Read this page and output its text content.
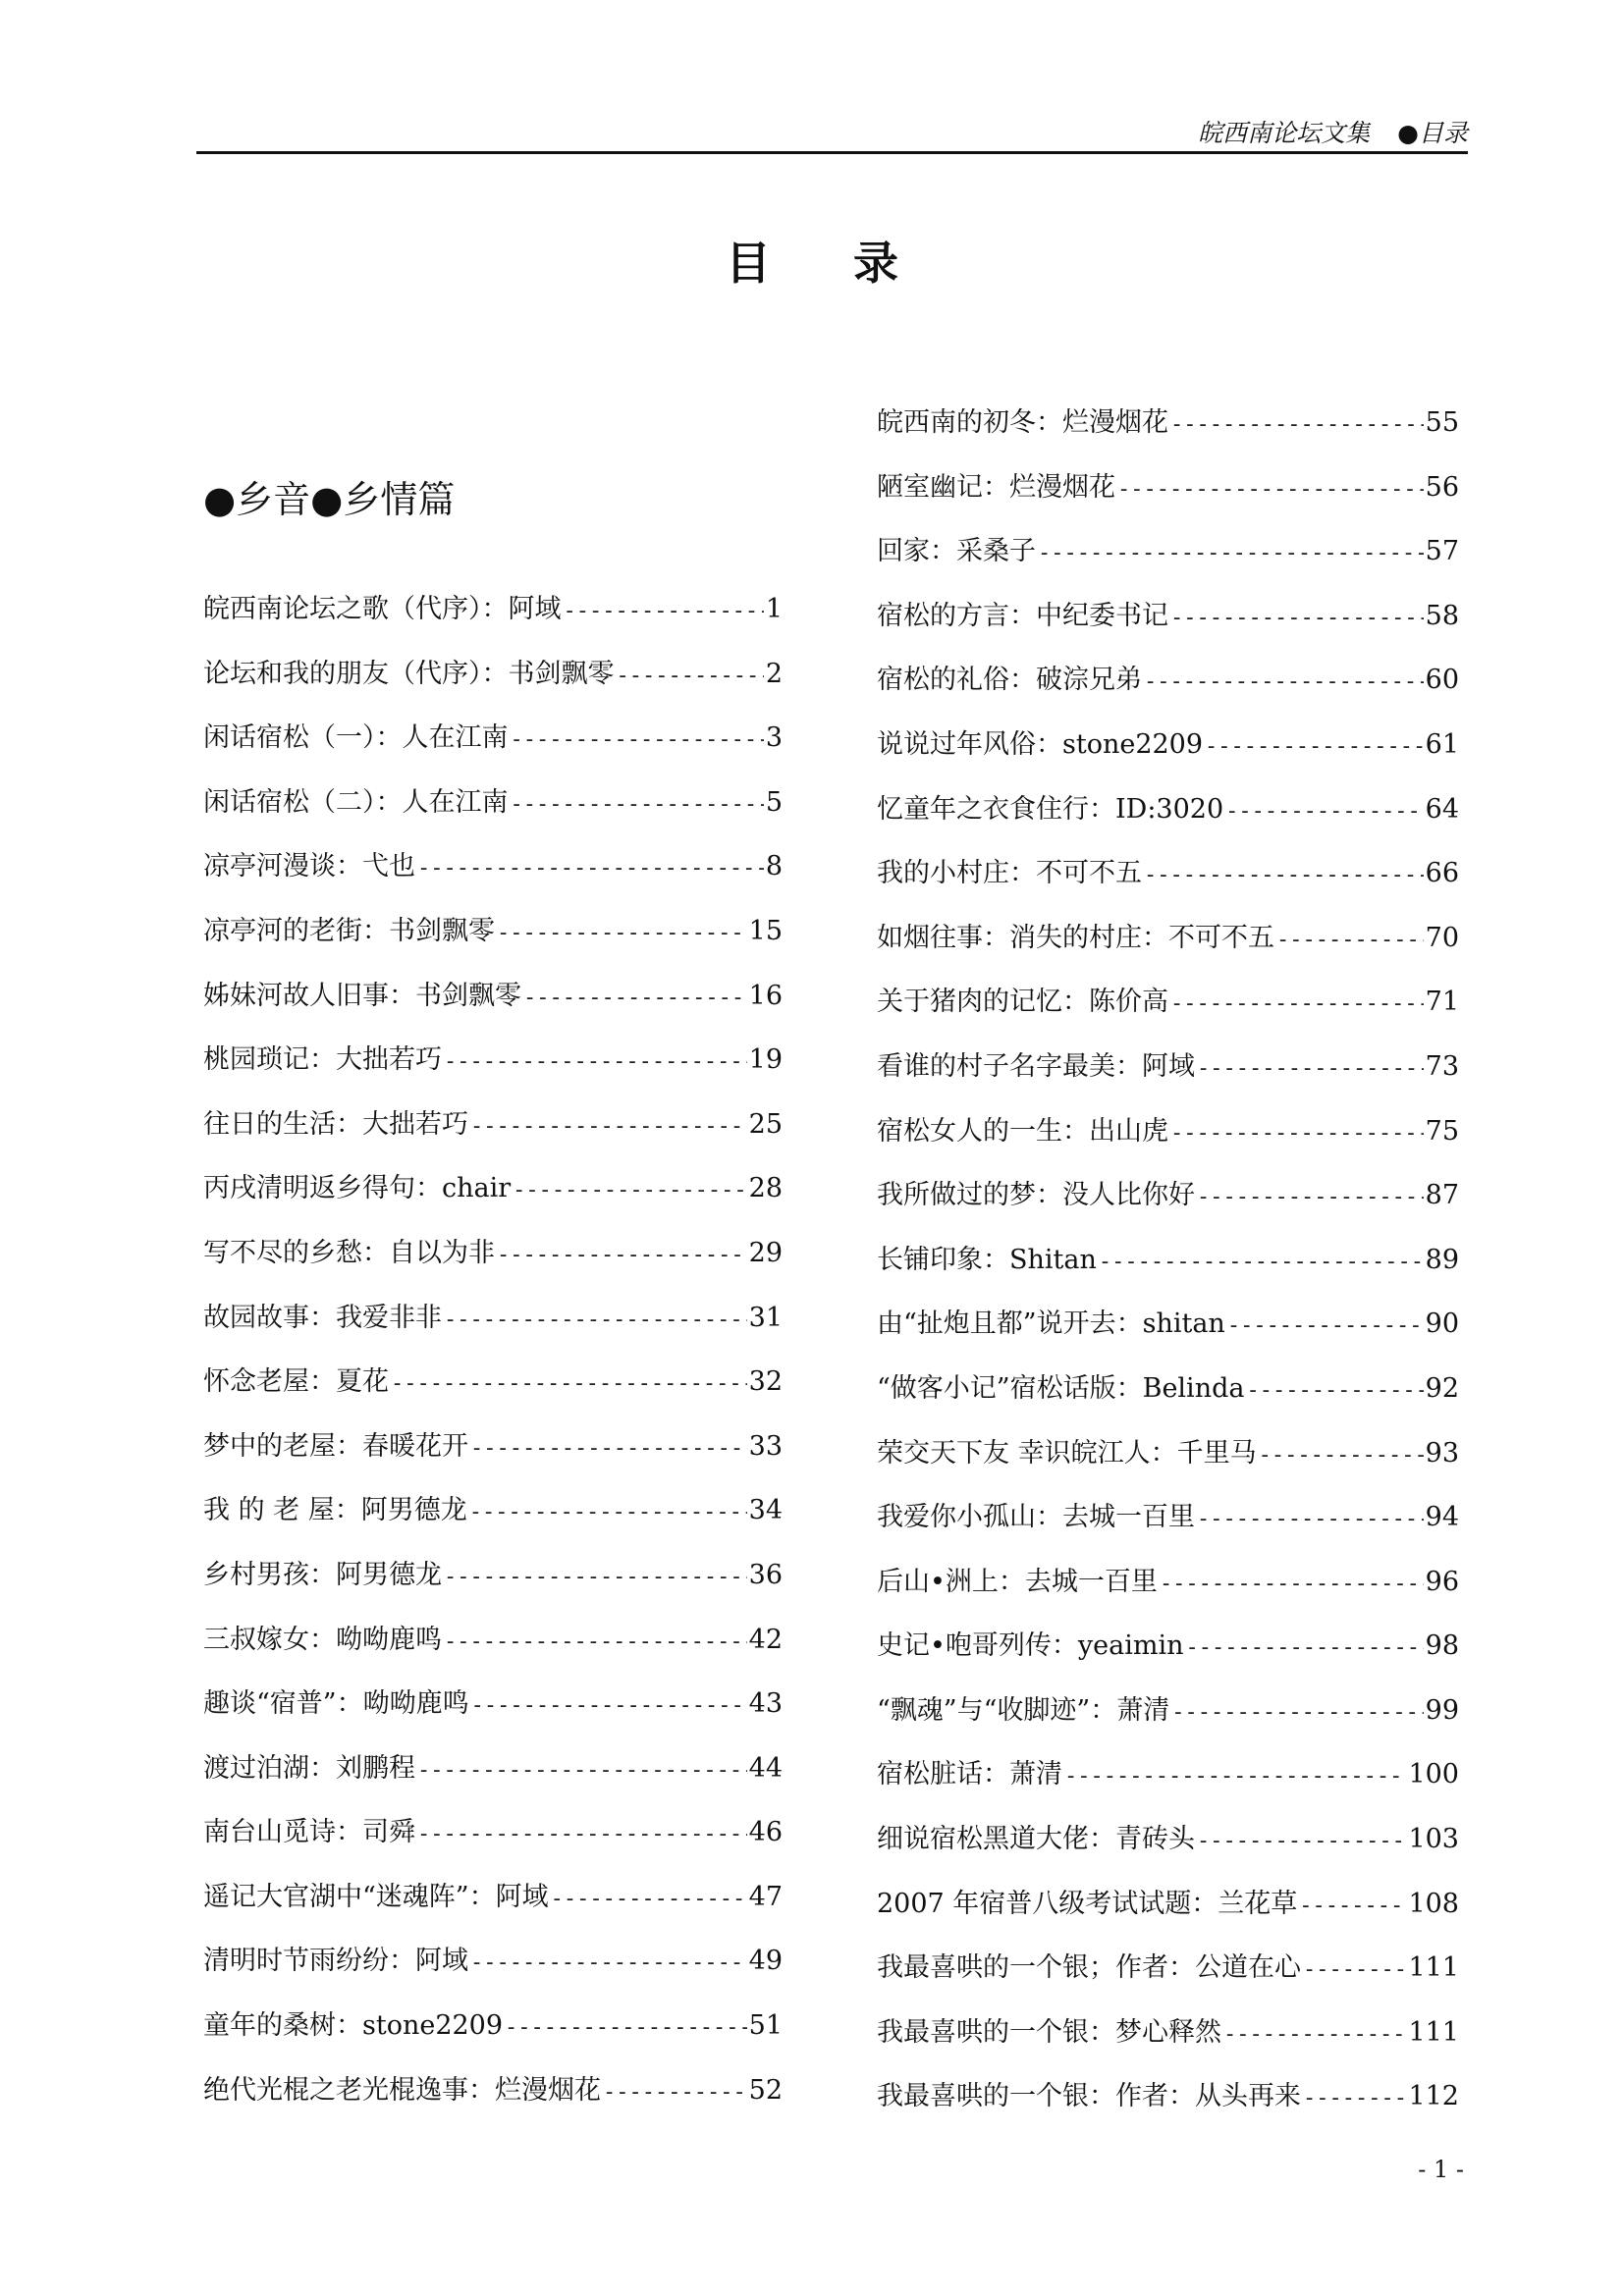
皖西南论坛文集 ●目录
目 录
●乡音●乡情篇
皖西南论坛之歌（代序）：阿域 -----	1
论坛和我的朋友（代序）：书剑飘零 -----	2
闲话宿松（一）：人在江南 -----	3
闲话宿松（二）：人在江南 -----	5
凉亭河漫谈：弋也 -----	8
凉亭河的老街：书剑飘零 -----	15
姊妹河故人旧事：书剑飘零 -----	16
桃园琐记：大拙若巧 -----	19
往日的生活：大拙若巧 -----	25
丙戌清明返乡得句：chair -----	28
写不尽的乡愁：自以为非 -----	29
故园故事：我爱非非 -----	31
怀念老屋：夏花 -----	32
梦中的老屋：春暖花开 -----	33
我 的 老 屋：阿男德龙 -----	34
乡村男孩：阿男德龙 -----	36
三叔嫁女：呦呦鹿鸣 -----	42
趣谈“宿普”：呦呦鹿鸣 -----	43
渡过泊湖：刘鹏程 -----	44
南台山觅诗：司舜 -----	46
遥记大官湖中“迷魂阵”：阿域 -----	47
清明时节雨纷纷：阿域 -----	49
童年的桑树：stone2209 -----	51
绝代光棍之老光棍逸事：烂漫烟花 -----	52
皖西南的初冬：烂漫烟花 -----	55
陋室幽记：烂漫烟花 -----	56
回家：采桑子 -----	57
宿松的方言：中纪委书记 -----	58
宿松的礼俗：破淙兄弟 -----	60
说说过年风俗：stone2209 -----	61
忆童年之衣食住行：ID:3020 -----	64
我的小村庄：不可不五 -----	66
如烟往事：消失的村庄：不可不五 -----	70
关于猪肉的记忆：陈价高 -----	71
看谁的村子名字最美：阿域 -----	73
宿松女人的一生：出山虎 -----	75
我所做过的梦：没人比你好 -----	87
长铺印象：Shitan -----	89
由“扯炮且都”说开去：shitan -----	90
“做客小记”宿松话版：Belinda -----	92
荣交天下友 幸识皖江人：千里马 -----	93
我爱你小孤山：去城一百里 -----	94
后山•洲上：去城一百里 -----	96
史记•咆哥列传：yeaimin -----	98
“飘魂”与“收脚迹”：萧清 -----	99
宿松脏话：萧清 -----	100
细说宿松黑道大佬：青砖头 -----	103
2007 年宿普八级考试试题：兰花草 -----	108
我最喜哄的一个银；作者：公道在心 -----	111
我最喜哄的一个银：梦心释然 -----	111
我最喜哄的一个银：作者：从头再来 -----	112
- 1 -
